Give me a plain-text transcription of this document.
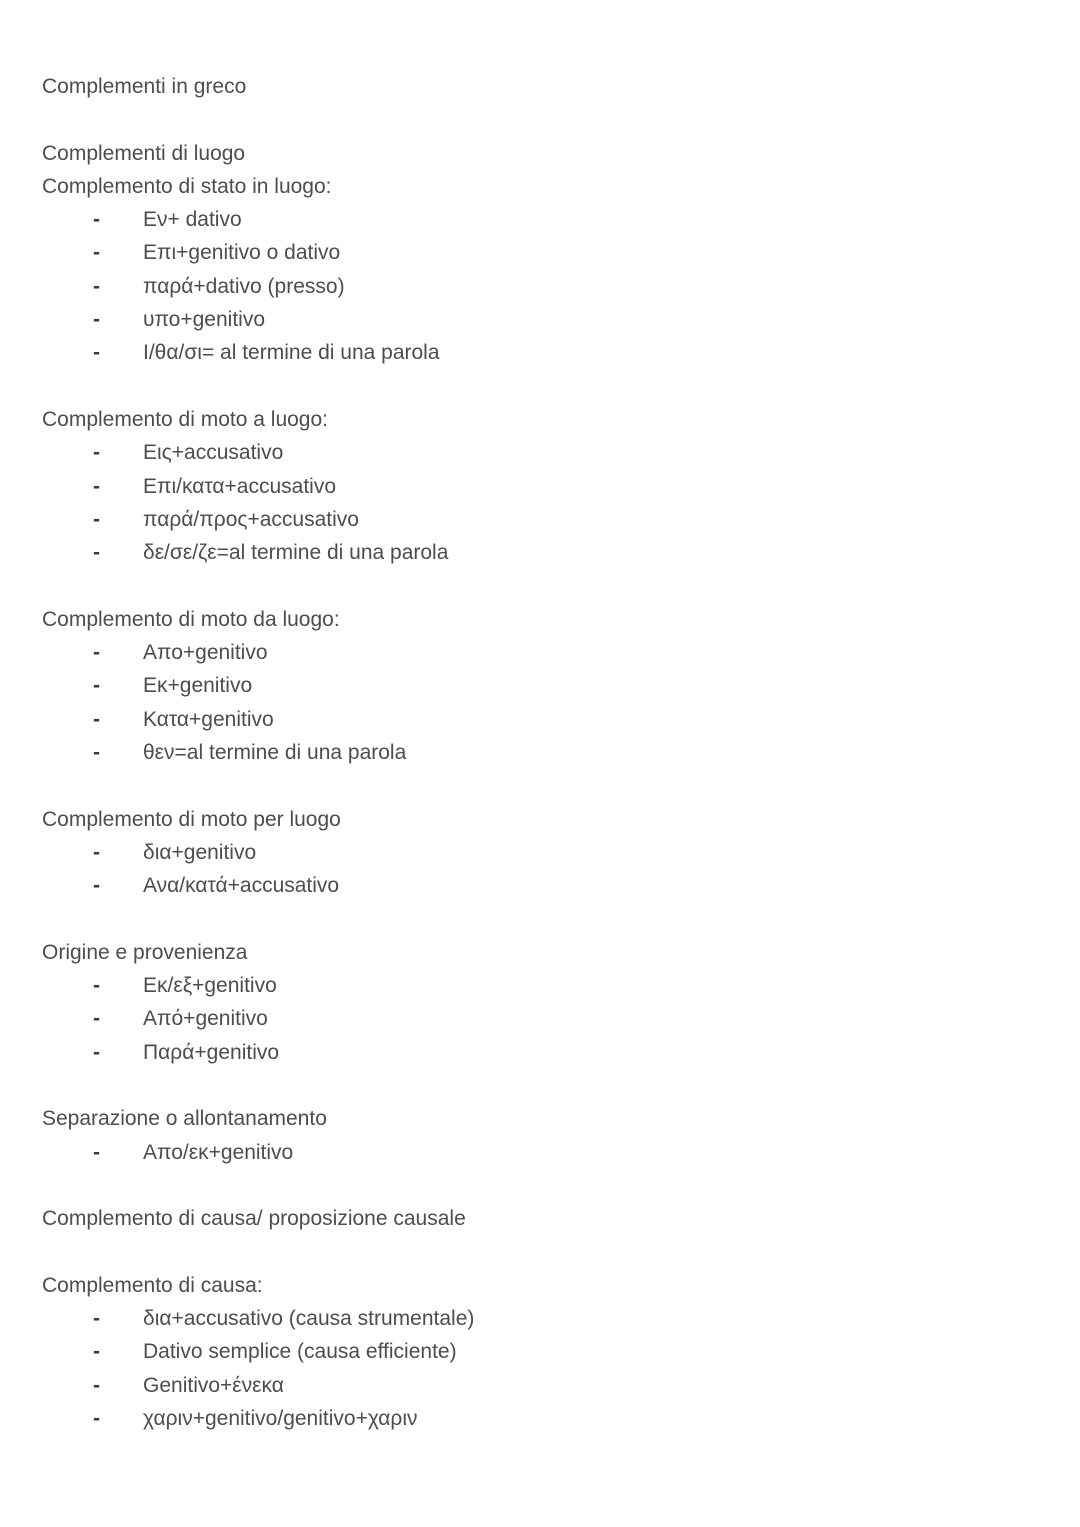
Complementi in greco
Complementi di luogo
Complemento di stato in luogo:
- Εν+ dativo
- Επι+genitivo o dativo
- παρά+dativo (presso)
- υπο+genitivo
- I/θα/σι= al termine di una parola
Complemento di moto a luogo:
- Εις+accusativo
- Επι/κατα+accusativo
- παρά/προς+accusativo
- δε/σε/ζε=al termine di una parola
Complemento di moto da luogo:
- Απο+genitivo
- Εκ+genitivo
- Κατα+genitivo
- θεν=al termine di una parola
Complemento di moto per luogo
- δια+genitivo
- Ανα/κατά+accusativo
Origine e provenienza
- Εκ/εξ+genitivo
- Από+genitivo
- Παρά+genitivo
Separazione o allontanamento
- Απο/εκ+genitivo
Complemento di causa/ proposizione causale
Complemento di causa:
- δια+accusativo (causa strumentale)
- Dativo semplice (causa efficiente)
- Genitivo+ένεκα
- χαριν+genitivo/genitivo+χαριν
